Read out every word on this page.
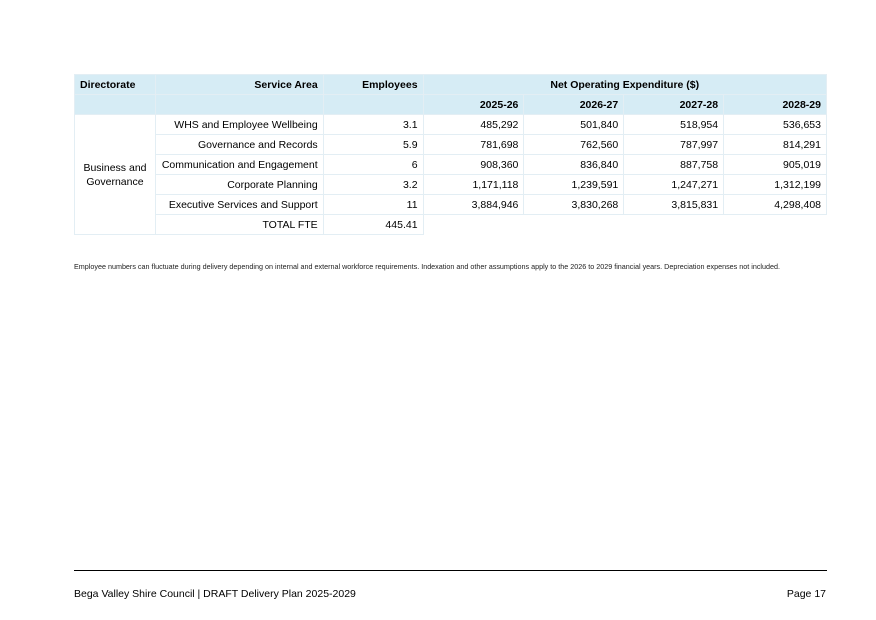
Directorate	Service Area	Employees	Net Operating Expenditure ($)			
			2025-26	2026-27	2027-28	2028-29
Business and Governance	WHS and Employee Wellbeing	3.1	485,292	501,840	518,954	536,653
	Governance and Records	5.9	781,698	762,560	787,997	814,291
	Communication and Engagement	6	908,360	836,840	887,758	905,019
	Corporate Planning	3.2	1,171,118	1,239,591	1,247,271	1,312,199
	Executive Services and Support	11	3,884,946	3,830,268	3,815,831	4,298,408
	TOTAL FTE	445.41				

Employee numbers can fluctuate during delivery depending on internal and external workforce requirements. Indexation and other assumptions apply to the 2026 to 2029 financial years. Depreciation expenses not included.

Bega Valley Shire Council | DRAFT Delivery Plan 2025-2029	Page 17
